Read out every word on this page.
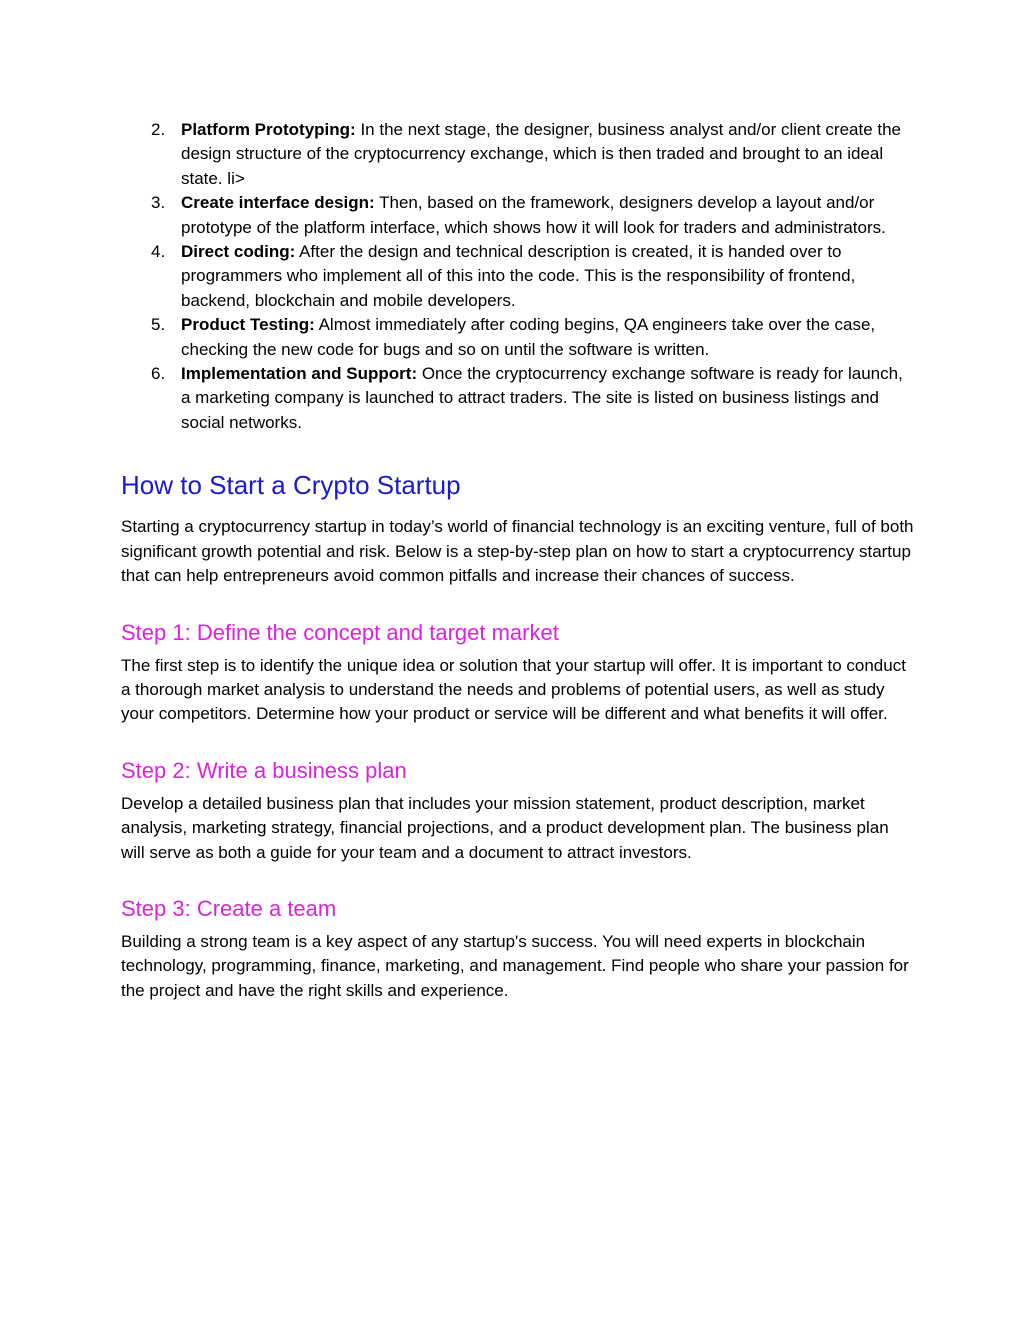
2. Platform Prototyping: In the next stage, the designer, business analyst and/or client create the design structure of the cryptocurrency exchange, which is then traded and brought to an ideal state. li>
3. Create interface design: Then, based on the framework, designers develop a layout and/or prototype of the platform interface, which shows how it will look for traders and administrators.
4. Direct coding: After the design and technical description is created, it is handed over to programmers who implement all of this into the code. This is the responsibility of frontend, backend, blockchain and mobile developers.
5. Product Testing: Almost immediately after coding begins, QA engineers take over the case, checking the new code for bugs and so on until the software is written.
6. Implementation and Support: Once the cryptocurrency exchange software is ready for launch, a marketing company is launched to attract traders. The site is listed on business listings and social networks.
How to Start a Crypto Startup

Starting a cryptocurrency startup in today’s world of financial technology is an exciting venture, full of both significant growth potential and risk. Below is a step-by-step plan on how to start a cryptocurrency startup that can help entrepreneurs avoid common pitfalls and increase their chances of success.

Step 1: Define the concept and target market

The first step is to identify the unique idea or solution that your startup will offer. It is important to conduct a thorough market analysis to understand the needs and problems of potential users, as well as study your competitors. Determine how your product or service will be different and what benefits it will offer.

Step 2: Write a business plan

Develop a detailed business plan that includes your mission statement, product description, market analysis, marketing strategy, financial projections, and a product development plan. The business plan will serve as both a guide for your team and a document to attract investors.

Step 3: Create a team

Building a strong team is a key aspect of any startup's success. You will need experts in blockchain technology, programming, finance, marketing, and management. Find people who share your passion for the project and have the right skills and experience.
